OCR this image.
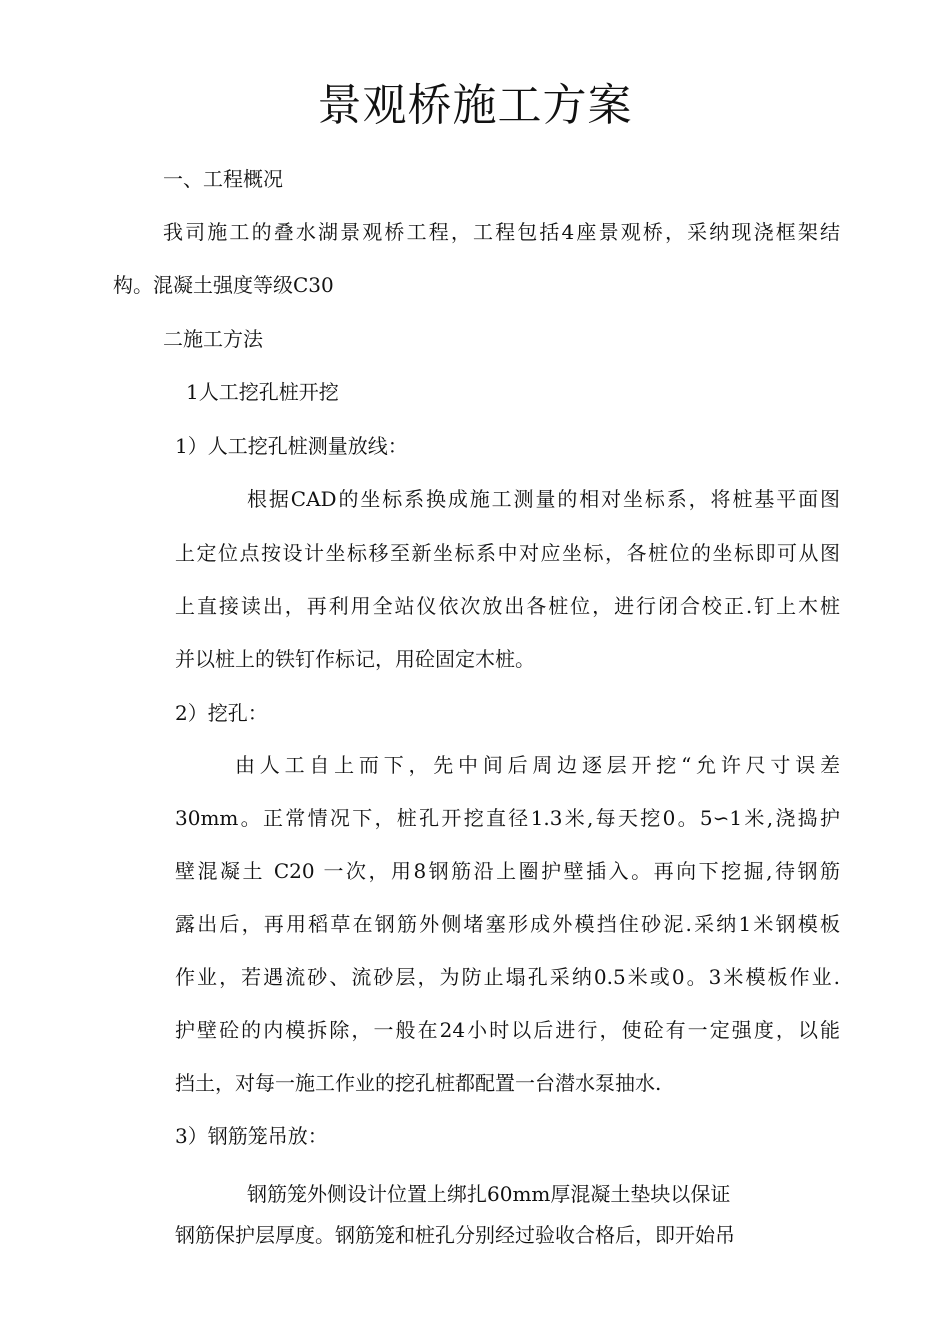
景观桥施工方案
一、工程概况
我司施工的叠水湖景观桥工程，工程包括4座景观桥，采纳现浇框架结
构。混凝土强度等级C30
二施工方法
1人工挖孔桩开挖
1）人工挖孔桩测量放线：
根据CAD的坐标系换成施工测量的相对坐标系，将桩基平面图
上定位点按设计坐标移至新坐标系中对应坐标，各桩位的坐标即可从图
上直接读出，再利用全站仪依次放出各桩位，进行闭合校正.钉上木桩
并以桩上的铁钉作标记，用砼固定木桩。
2）挖孔：
由人工自上而下，先中间后周边逐层开挖“允许尺寸误差
30mm。正常情况下，桩孔开挖直径1.3米,每天挖0。5∽1米,浇捣护
壁混凝土 C20 一次，用8钢筋沿上圈护壁插入。再向下挖掘,待钢筋
露出后，再用稻草在钢筋外侧堵塞形成外模挡住砂泥.采纳1米钢模板
作业，若遇流砂、流砂层，为防止塌孔采纳0.5米或0。3米模板作业.
护壁砼的内模拆除，一般在24小时以后进行，使砼有一定强度，以能
挡土，对每一施工作业的挖孔桩都配置一台潜水泵抽水.
3）钢筋笼吊放：
钢筋笼外侧设计位置上绑扎60mm厚混凝土垫块以保证
钢筋保护层厚度。钢筋笼和桩孔分别经过验收合格后，即开始吊
